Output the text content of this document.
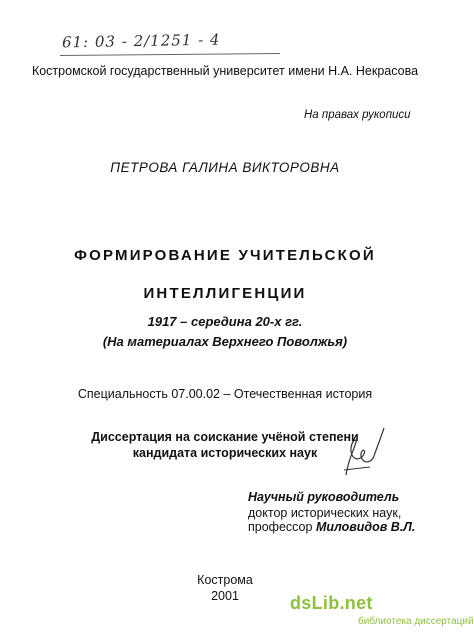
61: 03 - 2/1251 - 4
Костромской государственный университет имени Н.А. Некрасова
На правах рукописи
ПЕТРОВА ГАЛИНА ВИКТОРОВНА
ФОРМИРОВАНИЕ УЧИТЕЛЬСКОЙ
ИНТЕЛЛИГЕНЦИИ
1917 – середина 20-х гг.
(На материалах Верхнего Поволжья)
Специальность 07.00.02 – Отечественная история
Диссертация на соискание учёной степени
кандидата исторических наук
Научный руководитель
доктор исторических наук,
профессор Миловидов В.Л.
Кострома
2001	dsLib.net
библиотека диссертаций
